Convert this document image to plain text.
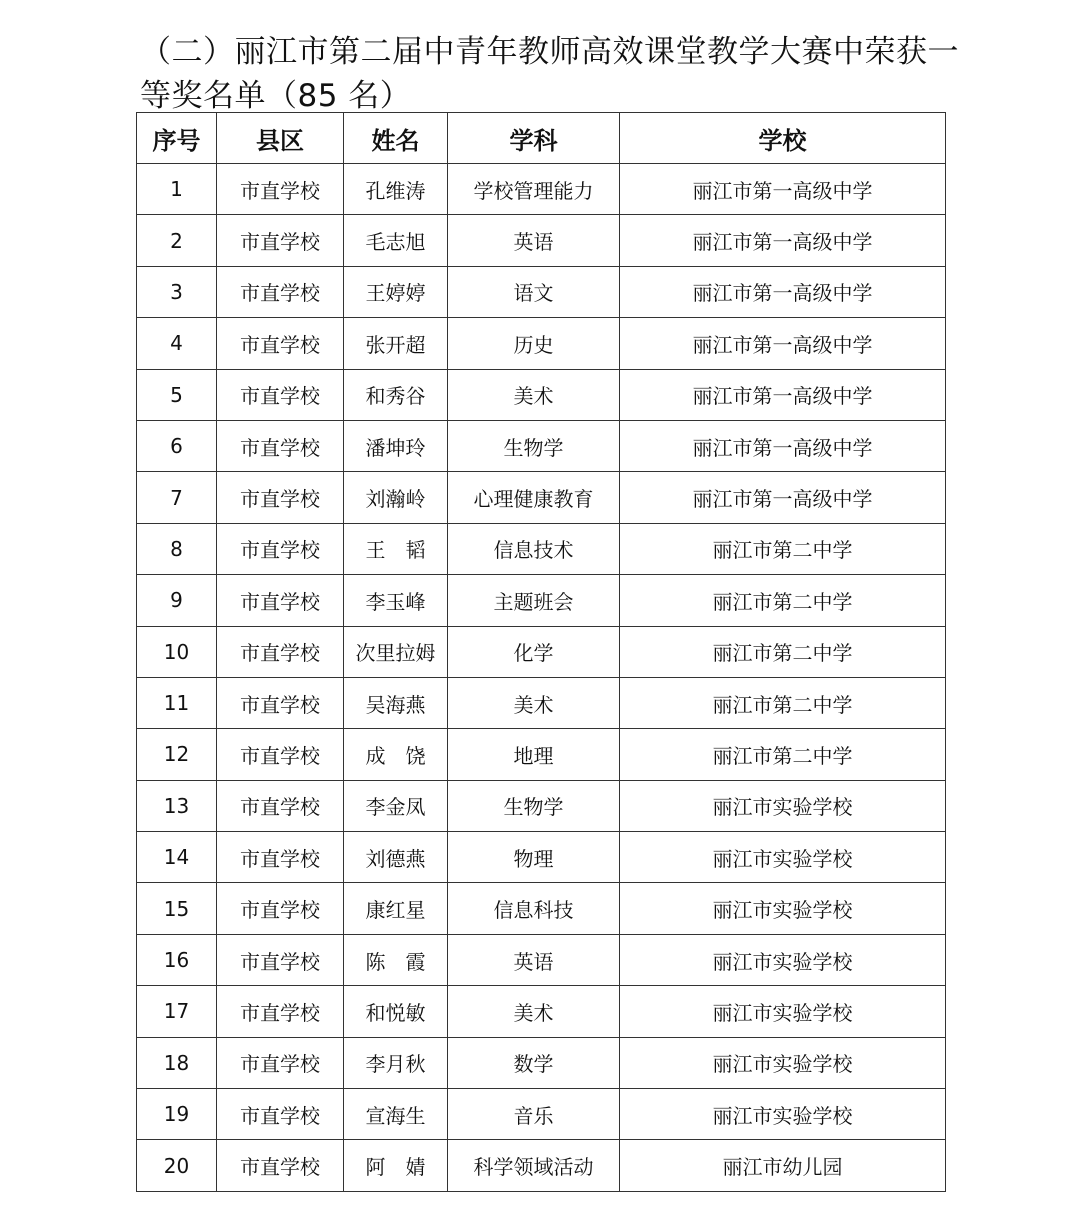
（二）丽江市第二届中青年教师高效课堂教学大赛中荣获一等奖名单（85 名）
序号	县区	姓名	学科	学校
1	市直学校	孔维涛	学校管理能力	丽江市第一高级中学
2	市直学校	毛志旭	英语	丽江市第一高级中学
3	市直学校	王婷婷	语文	丽江市第一高级中学
4	市直学校	张开超	历史	丽江市第一高级中学
5	市直学校	和秀谷	美术	丽江市第一高级中学
6	市直学校	潘坤玲	生物学	丽江市第一高级中学
7	市直学校	刘瀚岭	心理健康教育	丽江市第一高级中学
8	市直学校	王　韬	信息技术	丽江市第二中学
9	市直学校	李玉峰	主题班会	丽江市第二中学
10	市直学校	次里拉姆	化学	丽江市第二中学
11	市直学校	吴海燕	美术	丽江市第二中学
12	市直学校	成　饶	地理	丽江市第二中学
13	市直学校	李金凤	生物学	丽江市实验学校
14	市直学校	刘德燕	物理	丽江市实验学校
15	市直学校	康红星	信息科技	丽江市实验学校
16	市直学校	陈　霞	英语	丽江市实验学校
17	市直学校	和悦敏	美术	丽江市实验学校
18	市直学校	李月秋	数学	丽江市实验学校
19	市直学校	宣海生	音乐	丽江市实验学校
20	市直学校	阿　婧	科学领域活动	丽江市幼儿园
